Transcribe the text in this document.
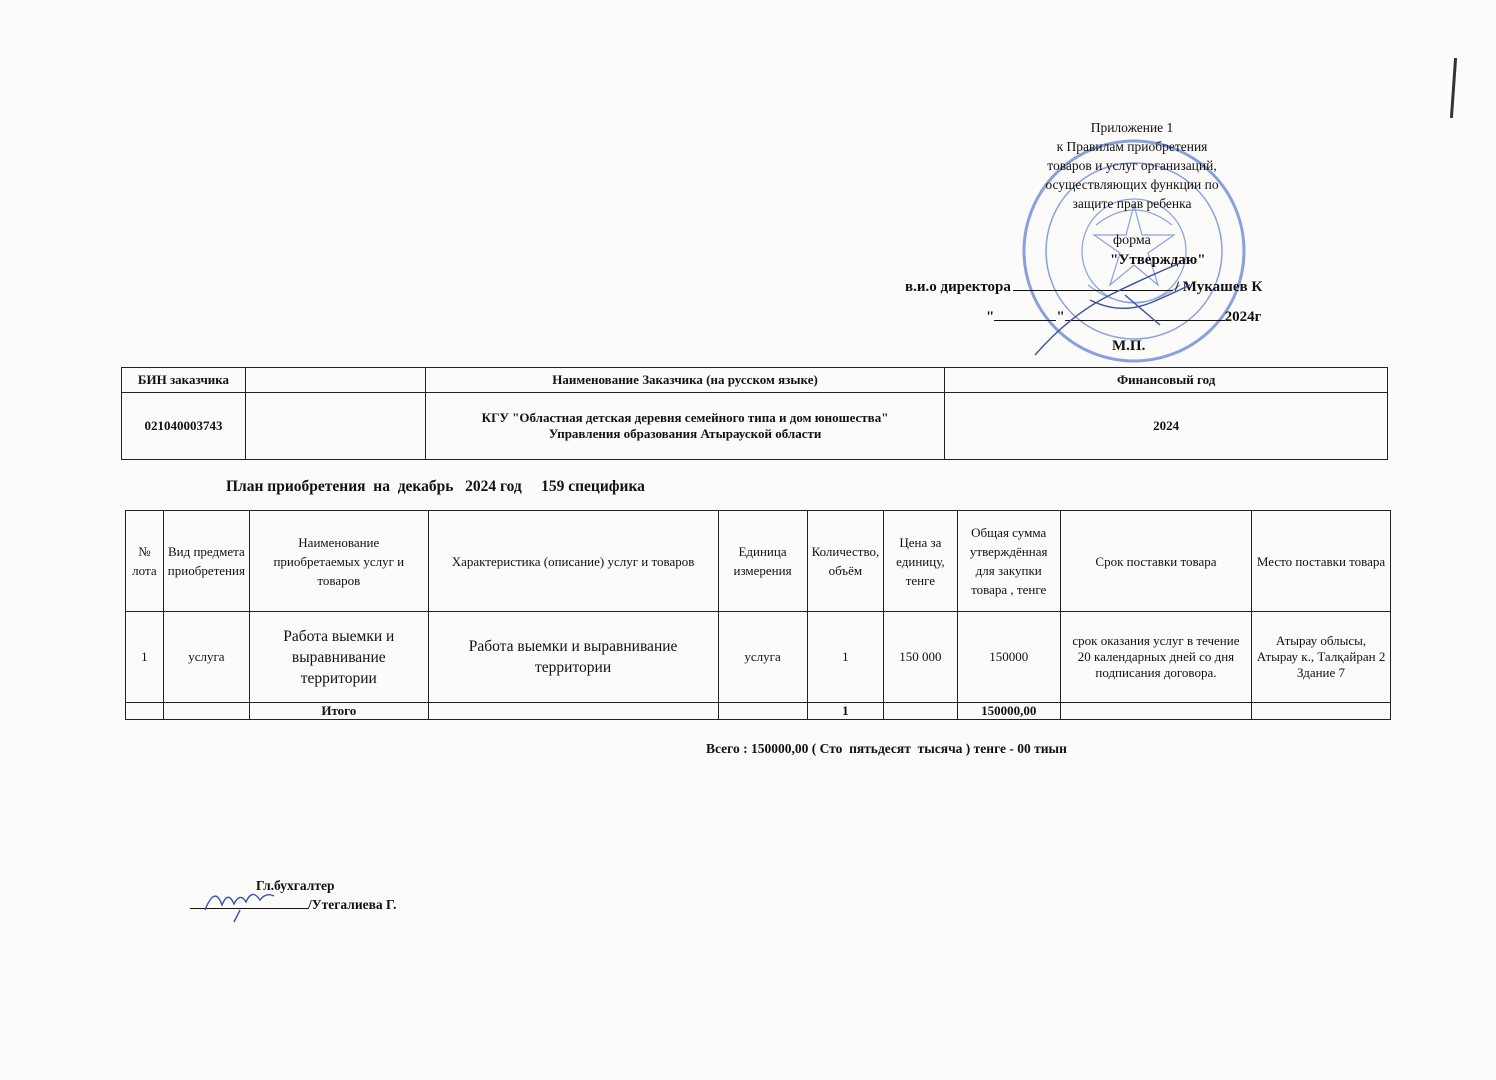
Приложение 1
к Правилам приобретения
товаров и услуг организаций,
осуществляющих функции по
защите прав ребенка
форма
"Утверждаю"
в.и.о директора	/ Мукашев К
"	"	2024г
М.П.
БИН заказчика		Наименование Заказчика (на русском языке)	Финансовый год
021040003743		КГУ "Областная детская деревня семейного типа и дом юношества"
Управления образования Атырауской области	2024
План приобретения  на  декабрь   2024 год     159 специфика
№ лота	Вид предмета приобретения	Наименование приобретаемых услуг и товаров	Характеристика (описание) услуг и товаров	Единица измерения	Количество, объём	Цена за единицу, тенге	Общая сумма утверждённая для закупки товара , тенге	Срок поставки товара	Место поставки товара
1	услуга	Работа выемки и выравнивание территории	Работа выемки и выравнивание территории	услуга	1	150 000	150000	срок оказания услуг в течение 20 календарных дней со дня подписания договора.	Атырау облысы, Атырау к., Талқайран 2 Здание 7
		Итого			1		150000,00		
Всего : 150000,00 ( Сто  пятьдесят  тысяча ) тенге - 00 тиын
Гл.бухгалтер
/Утегалиева Г.
